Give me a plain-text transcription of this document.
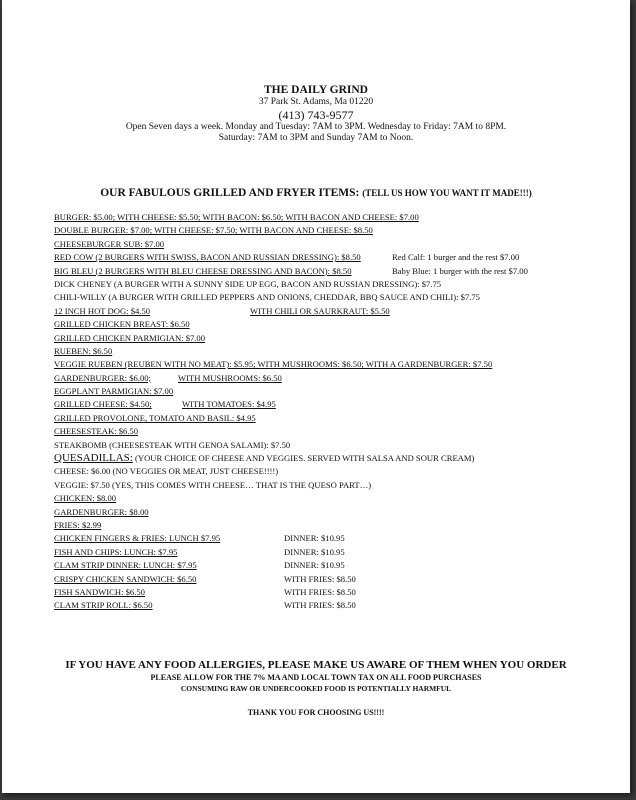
THE DAILY GRIND
37 Park St. Adams, Ma 01220
(413) 743-9577
Open Seven days a week. Monday and Tuesday: 7AM to 3PM. Wednesday to Friday: 7AM to 8PM.
Saturday: 7AM to 3PM and Sunday 7AM to Noon.
OUR FABULOUS GRILLED AND FRYER ITEMS: (TELL US HOW YOU WANT IT MADE!!!)
BURGER: $5.00; WITH CHEESE: $5.50; WITH BACON: $6.50; WITH BACON AND CHEESE: $7.00
DOUBLE BURGER: $7.00; WITH CHEESE: $7.50; WITH BACON AND CHEESE: $8.50
CHEESEBURGER SUB: $7.00
RED COW (2 BURGERS WITH SWISS, BACON AND RUSSIAN DRESSING): $8.50	Red Calf: 1 burger and the rest $7.00
BIG BLEU (2 BURGERS WITH BLEU CHEESE DRESSING AND BACON): $8.50	Baby Blue: 1 burger with the rest $7.00
DICK CHENEY (A BURGER WITH A SUNNY SIDE UP EGG, BACON AND RUSSIAN DRESSING): $7.75
CHILI-WILLY (A BURGER WITH GRILLED PEPPERS AND ONIONS, CHEDDAR, BBQ SAUCE AND CHILI): $7.75
12 INCH HOT DOG: $4.50	WITH CHILI OR SAURKRAUT: $5.50
GRILLED CHICKEN BREAST: $6.50
GRILLED CHICKEN PARMIGIAN: $7.00
RUEBEN: $6.50
VEGGIE RUEBEN (REUBEN WITH NO MEAT): $5.95; WITH MUSHROOMS: $6.50; WITH A GARDENBURGER: $7.50
GARDENBURGER: $6.00;	WITH MUSHROOMS: $6.50
EGGPLANT PARMIGIAN: $7.00
GRILLED CHEESE: $4.50;	WITH TOMATOES: $4.95
GRILLED PROVOLONE, TOMATO AND BASIL: $4.95
CHEESESTEAK: $6.50
STEAKBOMB (CHEESESTEAK WITH GENOA SALAMI): $7.50
QUESADILLAS: (YOUR CHOICE OF CHEESE AND VEGGIES. SERVED WITH SALSA AND SOUR CREAM)
CHEESE: $6.00 (NO VEGGIES OR MEAT, JUST CHEESE!!!!)
VEGGIE: $7.50 (YES, THIS COMES WITH CHEESE… THAT IS THE QUESO PART…)
CHICKEN: $8.00
GARDENBURGER: $8.00
FRIES: $2.99
CHICKEN FINGERS & FRIES: LUNCH $7.95	DINNER: $10.95
FISH AND CHIPS: LUNCH: $7.95	DINNER: $10.95
CLAM STRIP DINNER: LUNCH: $7.95	DINNER: $10.95
CRISPY CHICKEN SANDWICH: $6.50	WITH FRIES: $8.50
FISH SANDWICH: $6.50	WITH FRIES: $8.50
CLAM STRIP ROLL: $6.50	WITH FRIES: $8.50
IF YOU HAVE ANY FOOD ALLERGIES, PLEASE MAKE US AWARE OF THEM WHEN YOU ORDER
PLEASE ALLOW FOR THE 7% MA AND LOCAL TOWN TAX ON ALL FOOD PURCHASES
CONSUMING RAW OR UNDERCOOKED FOOD IS POTENTIALLY HARMFUL
THANK YOU FOR CHOOSING US!!!!
